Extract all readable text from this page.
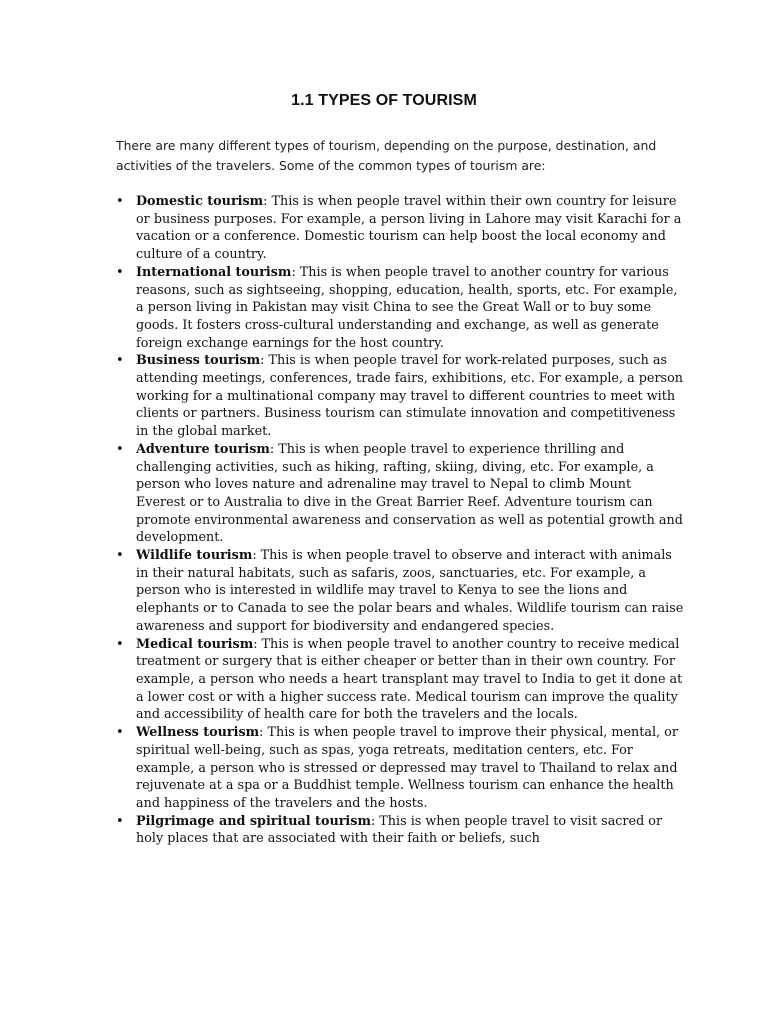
1.1 TYPES OF TOURISM

There are many different types of tourism, depending on the purpose, destination, and activities of the travelers. Some of the common types of tourism are:

• Domestic tourism: This is when people travel within their own country for leisure or business purposes. For example, a person living in Lahore may visit Karachi for a vacation or a conference. Domestic tourism can help boost the local economy and culture of a country.
• International tourism: This is when people travel to another country for various reasons, such as sightseeing, shopping, education, health, sports, etc. For example, a person living in Pakistan may visit China to see the Great Wall or to buy some goods. It fosters cross-cultural understanding and exchange, as well as generate foreign exchange earnings for the host country.
• Business tourism: This is when people travel for work-related purposes, such as attending meetings, conferences, trade fairs, exhibitions, etc. For example, a person working for a multinational company may travel to different countries to meet with clients or partners. Business tourism can stimulate innovation and competitiveness in the global market.
• Adventure tourism: This is when people travel to experience thrilling and challenging activities, such as hiking, rafting, skiing, diving, etc. For example, a person who loves nature and adrenaline may travel to Nepal to climb Mount Everest or to Australia to dive in the Great Barrier Reef. Adventure tourism can promote environmental awareness and conservation as well as potential growth and development.
• Wildlife tourism: This is when people travel to observe and interact with animals in their natural habitats, such as safaris, zoos, sanctuaries, etc. For example, a person who is interested in wildlife may travel to Kenya to see the lions and elephants or to Canada to see the polar bears and whales. Wildlife tourism can raise awareness and support for biodiversity and endangered species.
• Medical tourism: This is when people travel to another country to receive medical treatment or surgery that is either cheaper or better than in their own country. For example, a person who needs a heart transplant may travel to India to get it done at a lower cost or with a higher success rate. Medical tourism can improve the quality and accessibility of health care for both the travelers and the locals.
• Wellness tourism: This is when people travel to improve their physical, mental, or spiritual well-being, such as spas, yoga retreats, meditation centers, etc. For example, a person who is stressed or depressed may travel to Thailand to relax and rejuvenate at a spa or a Buddhist temple. Wellness tourism can enhance the health and happiness of the travelers and the hosts.
• Pilgrimage and spiritual tourism: This is when people travel to visit sacred or holy places that are associated with their faith or beliefs, such
